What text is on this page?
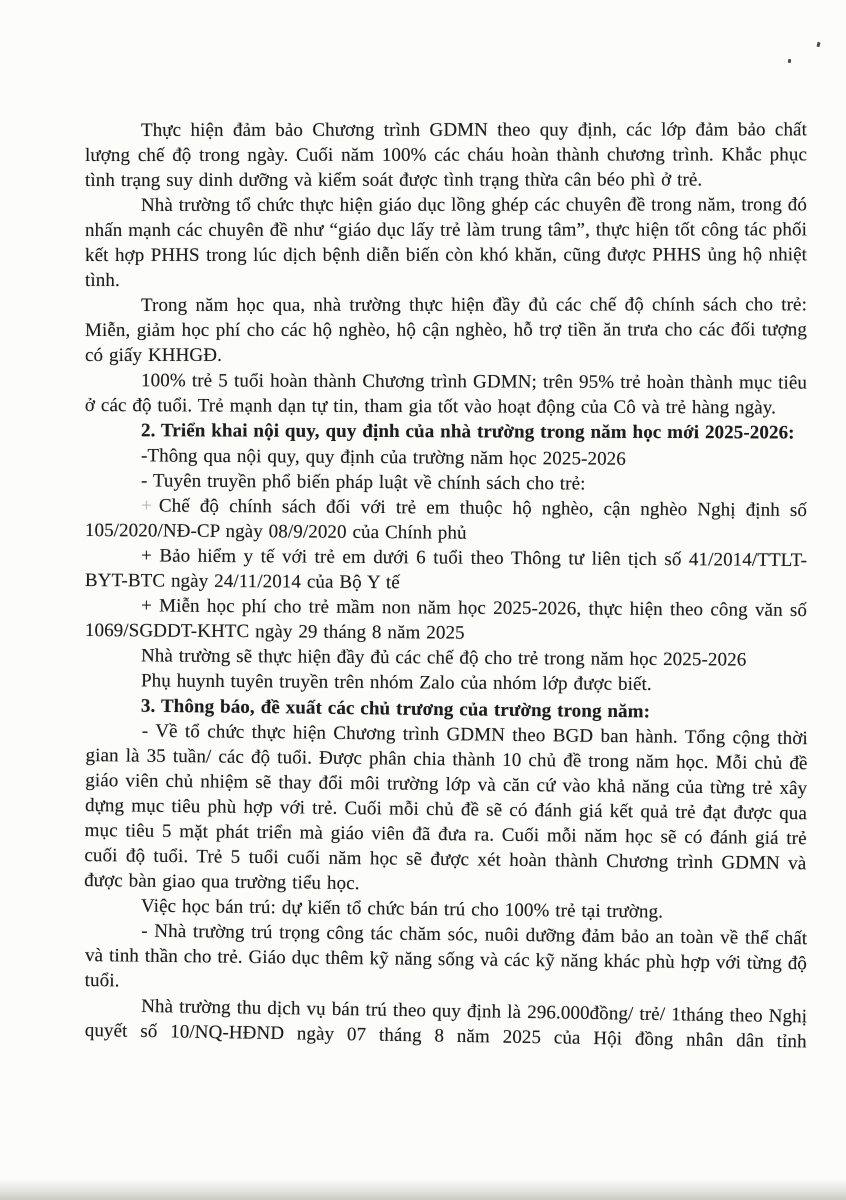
Thực hiện đảm bảo Chương trình GDMN theo quy định, các lớp đảm bảo chất lượng chế độ trong ngày. Cuối năm 100% các cháu hoàn thành chương trình. Khắc phục tình trạng suy dinh dưỡng và kiểm soát được tình trạng thừa cân béo phì ở trẻ.

Nhà trường tổ chức thực hiện giáo dục lồng ghép các chuyên đề trong năm, trong đó nhấn mạnh các chuyên đề như “giáo dục lấy trẻ làm trung tâm”, thực hiện tốt công tác phối kết hợp PHHS trong lúc dịch bệnh diễn biến còn khó khăn, cũng được PHHS ủng hộ nhiệt tình.

Trong năm học qua, nhà trường thực hiện đầy đủ các chế độ chính sách cho trẻ: Miễn, giảm học phí cho các hộ nghèo, hộ cận nghèo, hỗ trợ tiền ăn trưa cho các đối tượng có giấy KHHGĐ.

100% trẻ 5 tuổi hoàn thành Chương trình GDMN; trên 95% trẻ hoàn thành mục tiêu ở các độ tuổi. Trẻ mạnh dạn tự tin, tham gia tốt vào hoạt động của Cô và trẻ hàng ngày.

2. Triển khai nội quy, quy định của nhà trường trong năm học mới 2025-2026:

-Thông qua nội quy, quy định của trường năm học 2025-2026

- Tuyên truyền phổ biến pháp luật về chính sách cho trẻ:

+ Chế độ chính sách đối với trẻ em thuộc hộ nghèo, cận nghèo Nghị định số 105/2020/NĐ-CP ngày 08/9/2020 của Chính phủ

+ Bảo hiểm y tế với trẻ em dưới 6 tuổi theo Thông tư liên tịch số 41/2014/TTLT-BYT-BTC ngày 24/11/2014 của Bộ Y tế

+ Miễn học phí cho trẻ mầm non năm học 2025-2026, thực hiện theo công văn số 1069/SGDDT-KHTC ngày 29 tháng 8 năm 2025

Nhà trường sẽ thực hiện đầy đủ các chế độ cho trẻ trong năm học 2025-2026

Phụ huynh tuyên truyền trên nhóm Zalo của nhóm lớp được biết.

3. Thông báo, đề xuất các chủ trương của trường trong năm:

- Về tổ chức thực hiện Chương trình GDMN theo BGD ban hành. Tổng cộng thời gian là 35 tuần/ các độ tuổi. Được phân chia thành 10 chủ đề trong năm học. Mỗi chủ đề giáo viên chủ nhiệm sẽ thay đổi môi trường lớp và căn cứ vào khả năng của từng trẻ xây dựng mục tiêu phù hợp với trẻ. Cuối mỗi chủ đề sẽ có đánh giá kết quả trẻ đạt được qua mục tiêu 5 mặt phát triển mà giáo viên đã đưa ra. Cuối mỗi năm học sẽ có đánh giá trẻ cuối độ tuổi. Trẻ 5 tuổi cuối năm học sẽ được xét hoàn thành Chương trình GDMN và được bàn giao qua trường tiểu học.

Việc học bán trú: dự kiến tổ chức bán trú cho 100% trẻ tại trường.

- Nhà trường trú trọng công tác chăm sóc, nuôi dưỡng đảm bảo an toàn về thể chất và tinh thần cho trẻ. Giáo dục thêm kỹ năng sống và các kỹ năng khác phù hợp với từng độ tuổi.

Nhà trường thu dịch vụ bán trú theo quy định là 296.000đồng/ trẻ/ 1tháng theo Nghị quyết số 10/NQ-HĐND ngày 07 tháng 8 năm 2025 của Hội đồng nhân dân tỉnh
